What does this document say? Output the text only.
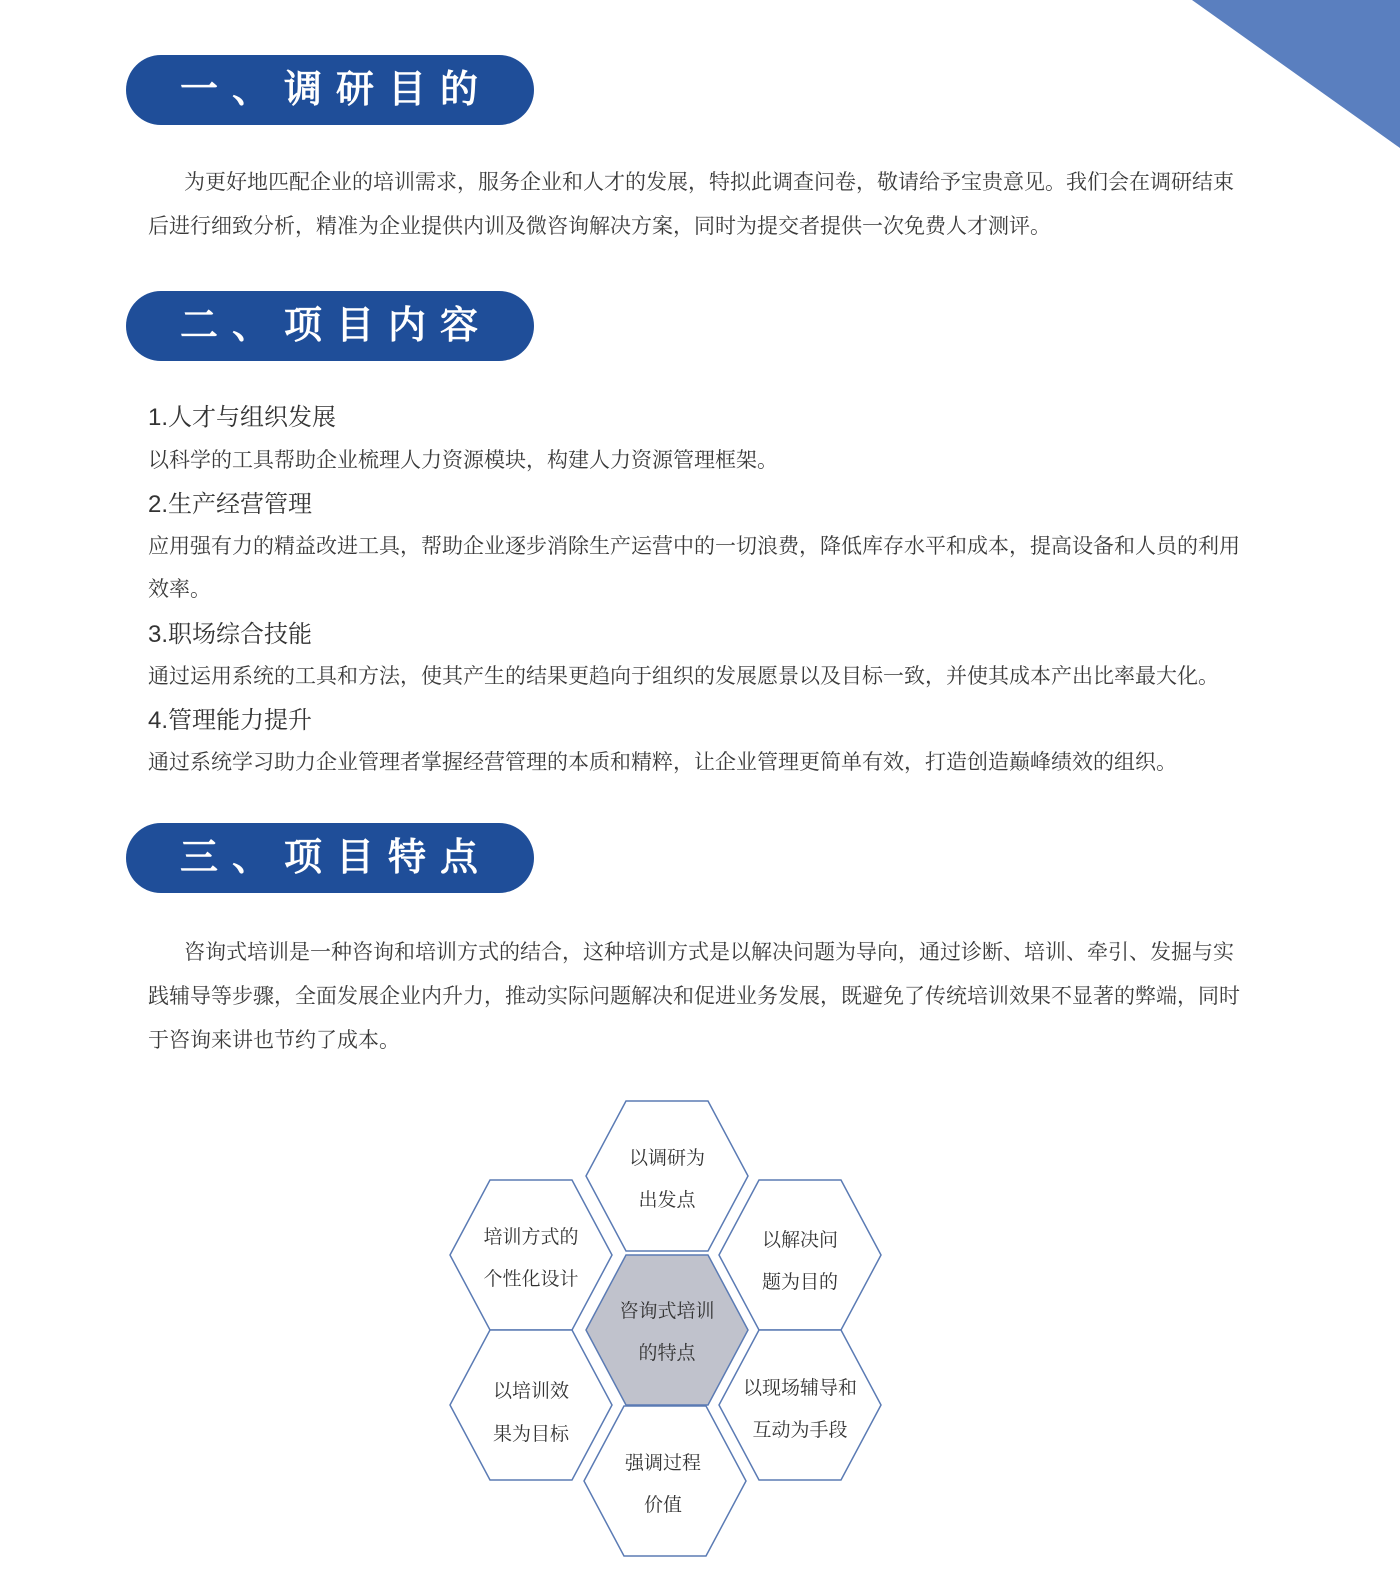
一、调研目的

为更好地匹配企业的培训需求，服务企业和人才的发展，特拟此调查问卷，敬请给予宝贵意见。我们会在调研结束后进行细致分析，精准为企业提供内训及微咨询解决方案，同时为提交者提供一次免费人才测评。

二、项目内容

1.人才与组织发展

以科学的工具帮助企业梳理人力资源模块，构建人力资源管理框架。

2.生产经营管理

应用强有力的精益改进工具，帮助企业逐步消除生产运营中的一切浪费，降低库存水平和成本，提高设备和人员的利用效率。

3.职场综合技能

通过运用系统的工具和方法，使其产生的结果更趋向于组织的发展愿景以及目标一致，并使其成本产出比率最大化。

4.管理能力提升

通过系统学习助力企业管理者掌握经营管理的本质和精粹，让企业管理更简单有效，打造创造巅峰绩效的组织。

三、项目特点

咨询式培训是一种咨询和培训方式的结合，这种培训方式是以解决问题为导向，通过诊断、培训、牵引、发掘与实践辅导等步骤，全面发展企业内升力，推动实际问题解决和促进业务发展，既避免了传统培训效果不显著的弊端，同时于咨询来讲也节约了成本。

以调研为
出发点
培训方式的
个性化设计
以解决问
题为目的
咨询式培训
的特点
以培训效
果为目标
以现场辅导和
互动为手段
强调过程
价值
